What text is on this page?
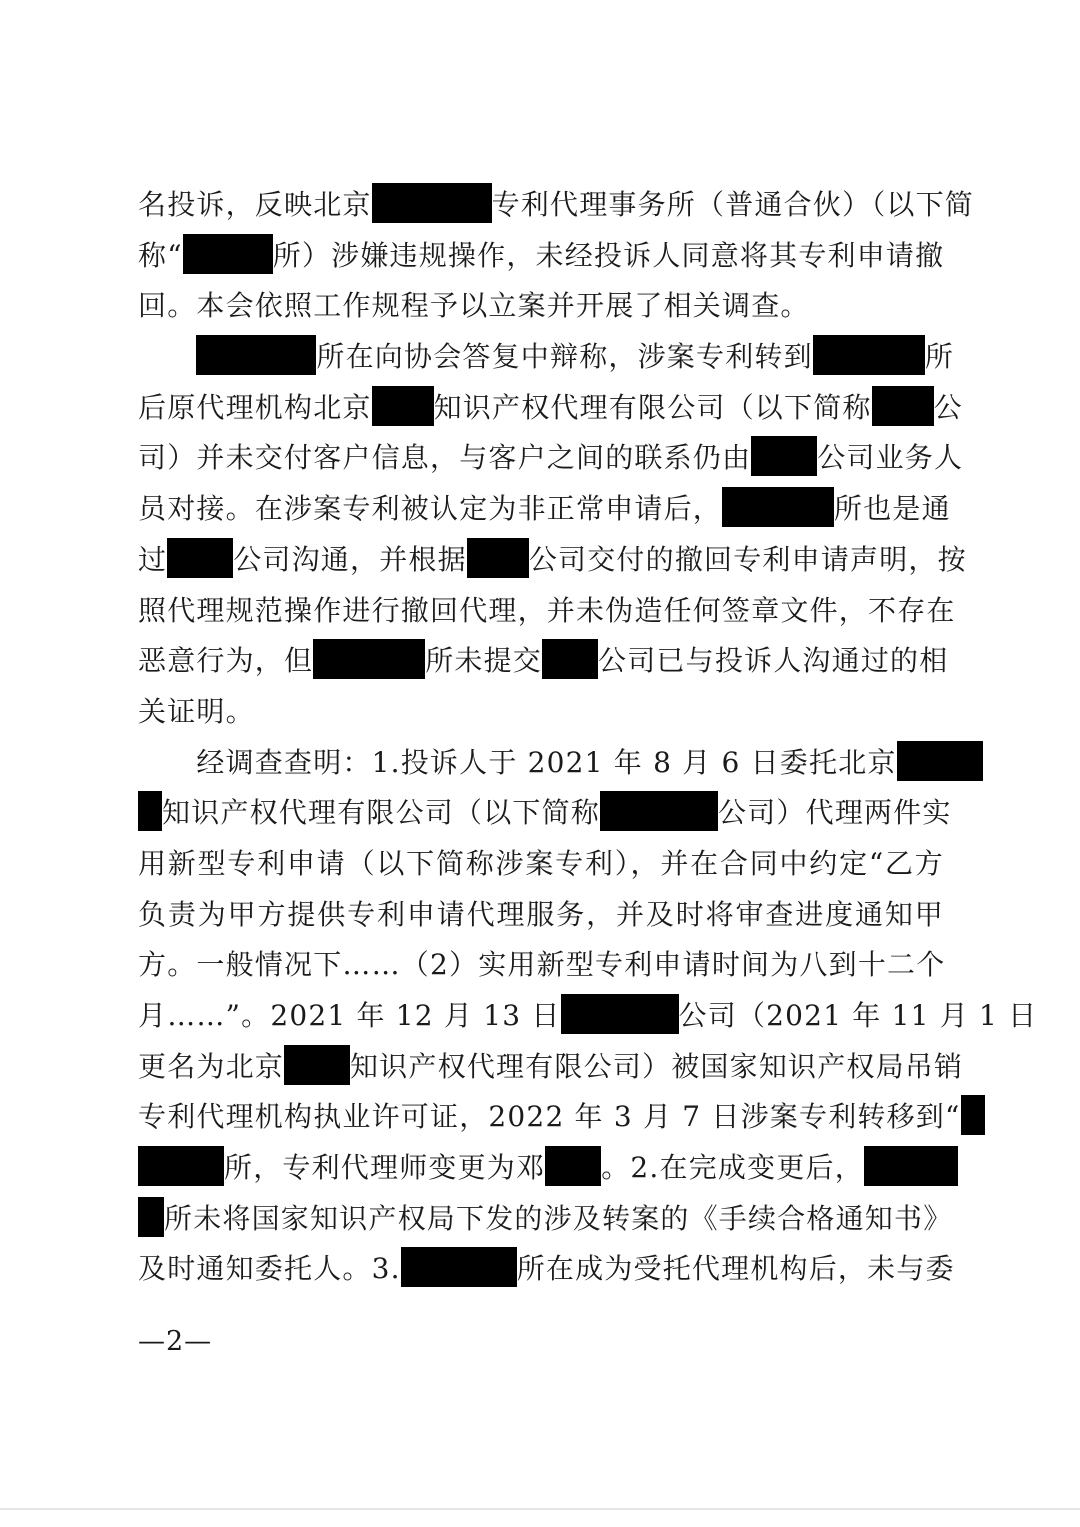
名投诉，反映北京	专利代理事务所（普通合伙）（以下简
称“	所）涉嫌违规操作，未经投诉人同意将其专利申请撤
回。本会依照工作规程予以立案并开展了相关调查。
　　所在向协会答复中辩称，涉案专利转到	所
后原代理机构北京 知识产权代理有限公司（以下简称 公
司）并未交付客户信息，与客户之间的联系仍由 公司业务人
员对接。在涉案专利被认定为非正常申请后，	所也是通
过 公司沟通，并根据 公司交付的撤回专利申请声明，按
照代理规范操作进行撤回代理，并未伪造任何签章文件，不存在
恶意行为，但	所未提交 公司已与投诉人沟通过的相
关证明。
　　经调查查明：1.投诉人于 2021 年 8 月 6 日委托北京
知识产权代理有限公司（以下简称	公司）代理两件实
用新型专利申请（以下简称涉案专利），并在合同中约定“乙方
负责为甲方提供专利申请代理服务，并及时将审查进度通知甲
方。一般情况下……（2）实用新型专利申请时间为八到十二个
月……”。2021 年 12 月 13 日	公司（2021 年 11 月 1 日
更名为北京 知识产权代理有限公司）被国家知识产权局吊销
专利代理机构执业许可证，2022 年 3 月 7 日涉案专利转移到“
所，专利代理师变更为邓 。2.在完成变更后，
所未将国家知识产权局下发的涉及转案的《手续合格通知书》
及时通知委托人。3.	所在成为受托代理机构后，未与委
—2—
